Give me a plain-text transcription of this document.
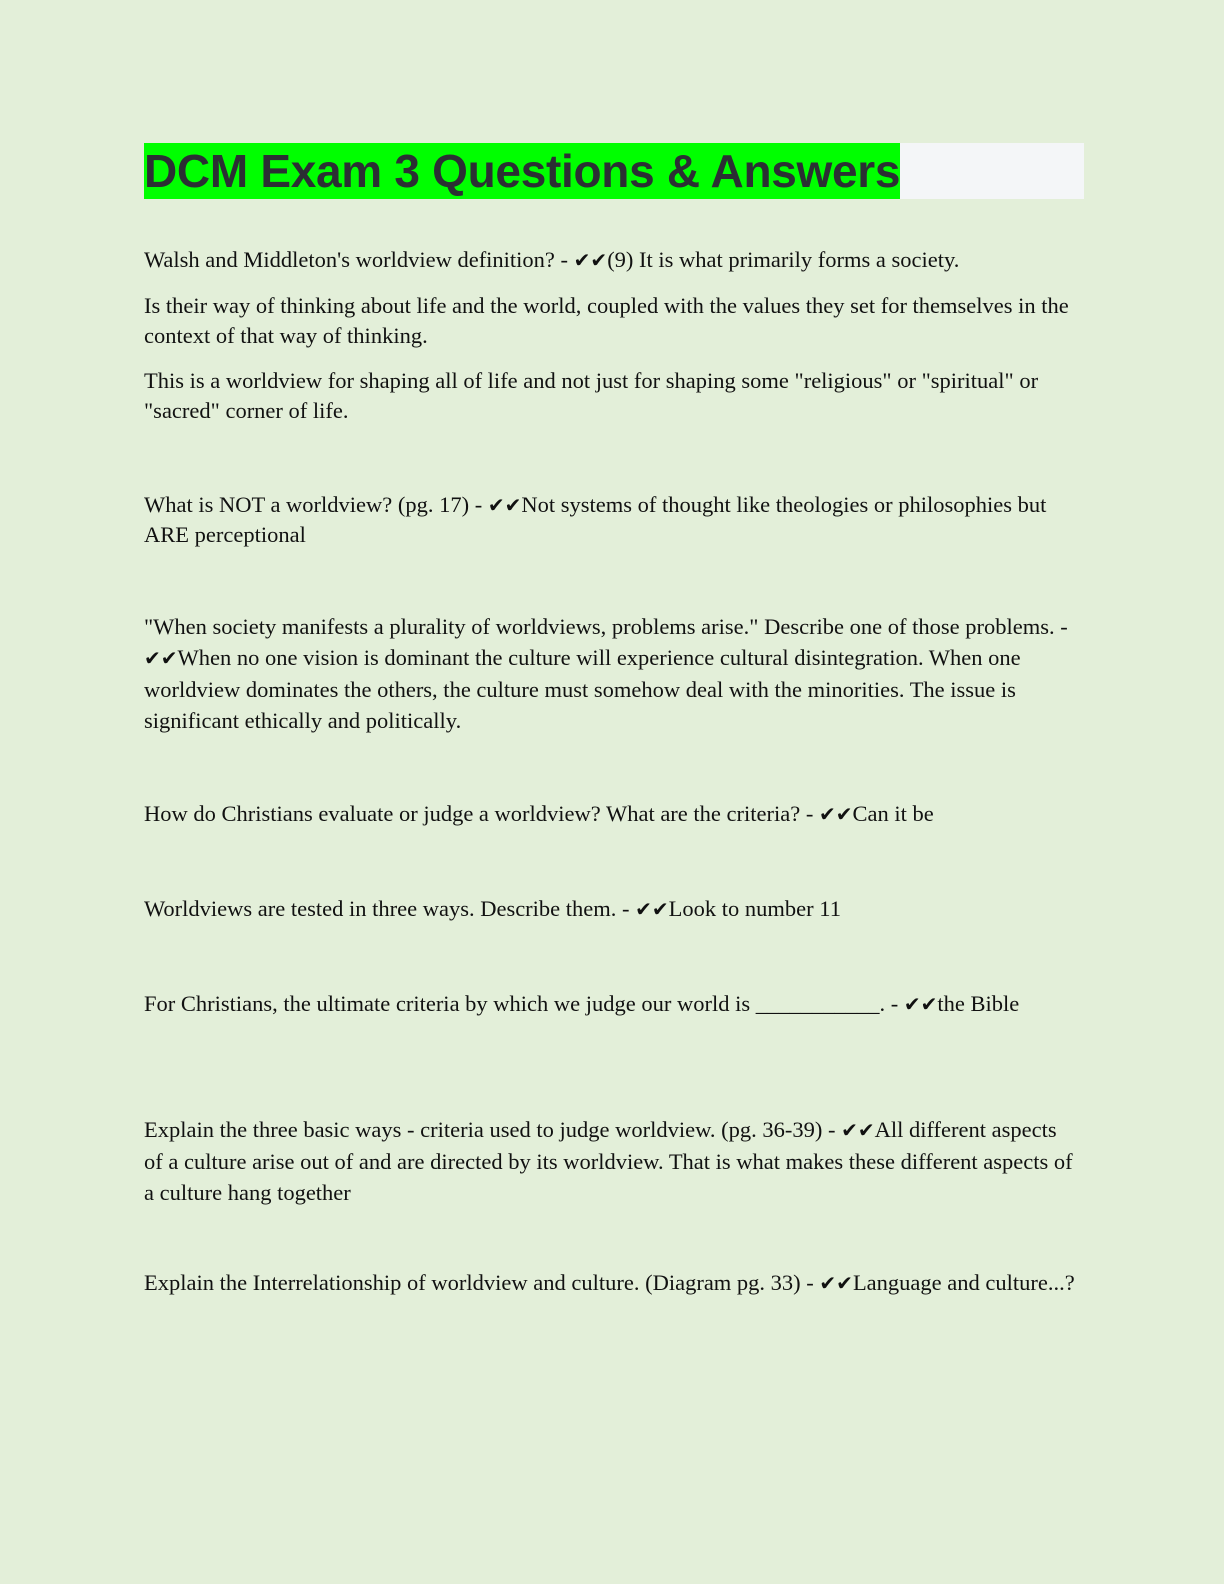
DCM Exam 3 Questions & Answers

Walsh and Middleton's worldview definition? - ✔✔(9) It is what primarily forms a society.

Is their way of thinking about life and the world, coupled with the values they set for themselves in the context of that way of thinking.

This is a worldview for shaping all of life and not just for shaping some "religious" or "spiritual" or "sacred" corner of life.

What is NOT a worldview? (pg. 17) - ✔✔Not systems of thought like theologies or philosophies but ARE perceptional

"When society manifests a plurality of worldviews, problems arise." Describe one of those problems. - ✔✔When no one vision is dominant the culture will experience cultural disintegration. When one worldview dominates the others, the culture must somehow deal with the minorities. The issue is significant ethically and politically.

How do Christians evaluate or judge a worldview? What are the criteria? - ✔✔Can it be

Worldviews are tested in three ways. Describe them. - ✔✔Look to number 11

For Christians, the ultimate criteria by which we judge our world is ___________. - ✔✔the Bible

Explain the three basic ways - criteria used to judge worldview. (pg. 36-39) - ✔✔All different aspects of a culture arise out of and are directed by its worldview. That is what makes these different aspects of a culture hang together

Explain the Interrelationship of worldview and culture. (Diagram pg. 33) - ✔✔Language and culture...?
